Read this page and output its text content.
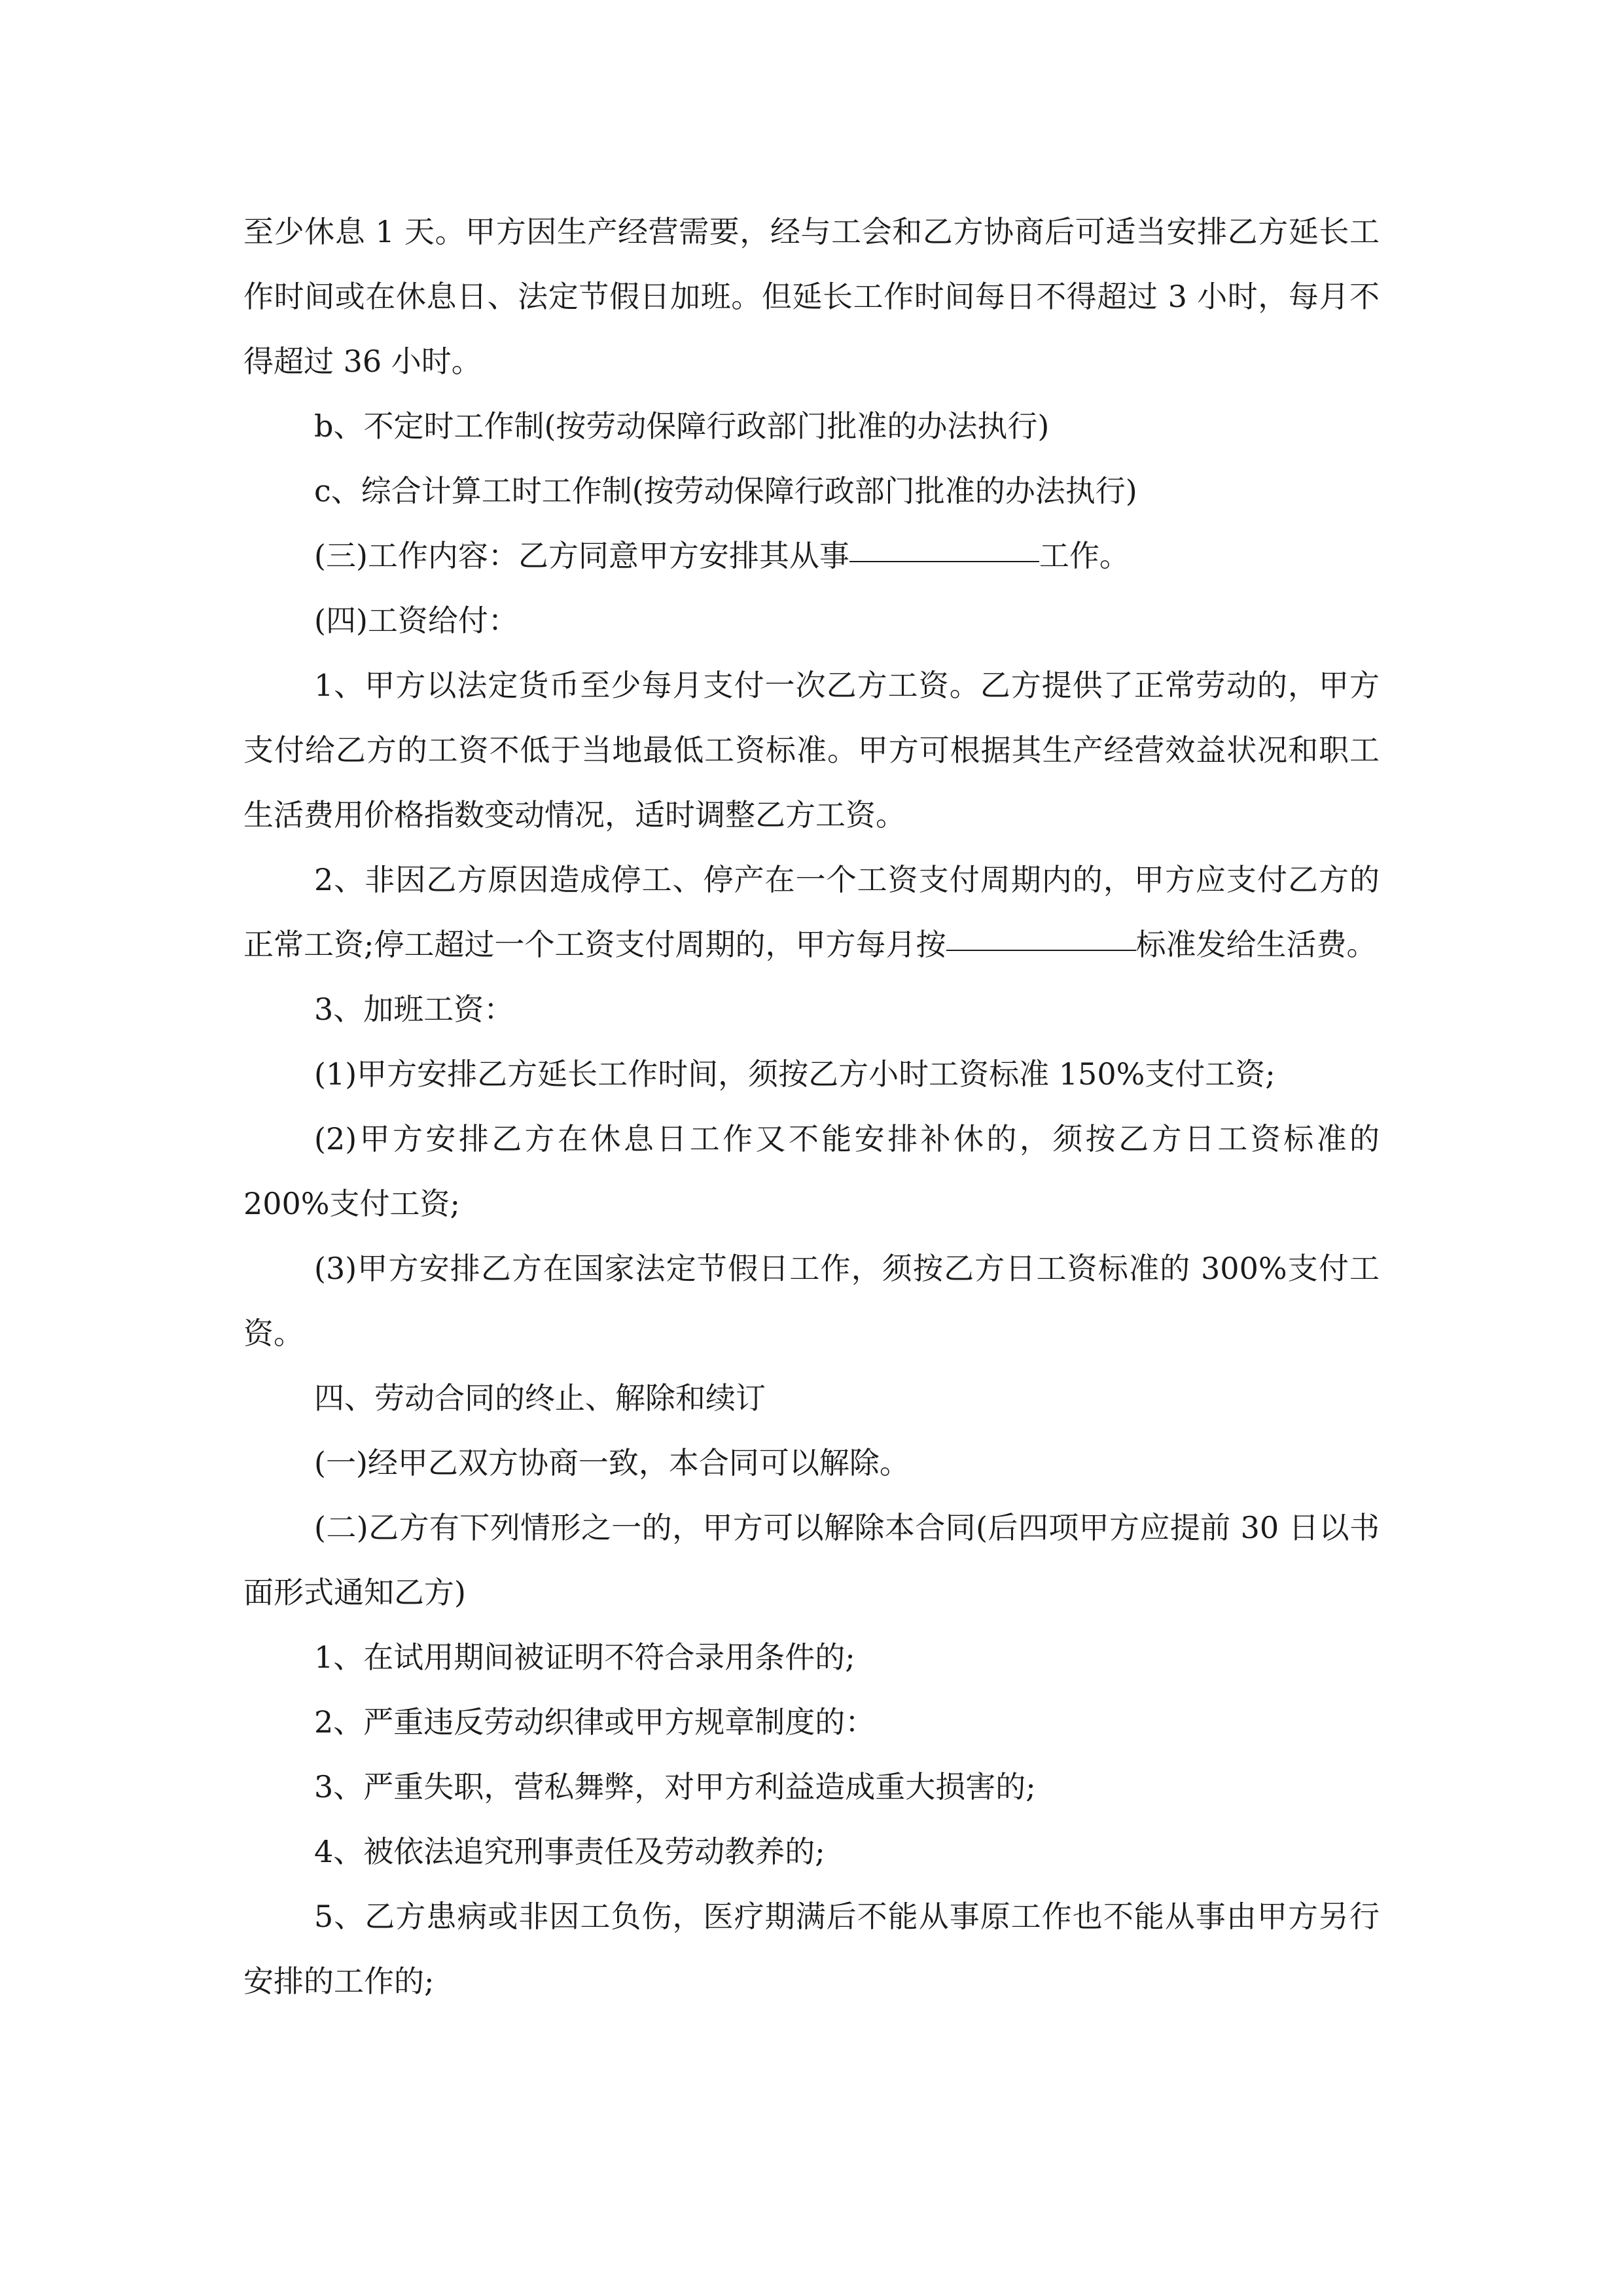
至少休息 1 天。甲方因生产经营需要，经与工会和乙方协商后可适当安排乙方延长工作时间或在休息日、法定节假日加班。但延长工作时间每日不得超过 3 小时，每月不得超过 36 小时。

b、不定时工作制(按劳动保障行政部门批准的办法执行)

c、综合计算工时工作制(按劳动保障行政部门批准的办法执行)

(三)工作内容：乙方同意甲方安排其从事	工作。

(四)工资给付：

1、甲方以法定货币至少每月支付一次乙方工资。乙方提供了正常劳动的，甲方支付给乙方的工资不低于当地最低工资标准。甲方可根据其生产经营效益状况和职工生活费用价格指数变动情况，适时调整乙方工资。

2、非因乙方原因造成停工、停产在一个工资支付周期内的，甲方应支付乙方的正常工资;停工超过一个工资支付周期的，甲方每月按	标准发给生活费。

3、加班工资：

(1)甲方安排乙方延长工作时间，须按乙方小时工资标准 150%支付工资;

(2)甲方安排乙方在休息日工作又不能安排补休的，须按乙方日工资标准的 200%支付工资;

(3)甲方安排乙方在国家法定节假日工作，须按乙方日工资标准的 300%支付工资。

四、劳动合同的终止、解除和续订

(一)经甲乙双方协商一致，本合同可以解除。

(二)乙方有下列情形之一的，甲方可以解除本合同(后四项甲方应提前 30 日以书面形式通知乙方)

1、在试用期间被证明不符合录用条件的;

2、严重违反劳动织律或甲方规章制度的：

3、严重失职，营私舞弊，对甲方利益造成重大损害的;

4、被依法追究刑事责任及劳动教养的;

5、乙方患病或非因工负伤，医疗期满后不能从事原工作也不能从事由甲方另行安排的工作的;
